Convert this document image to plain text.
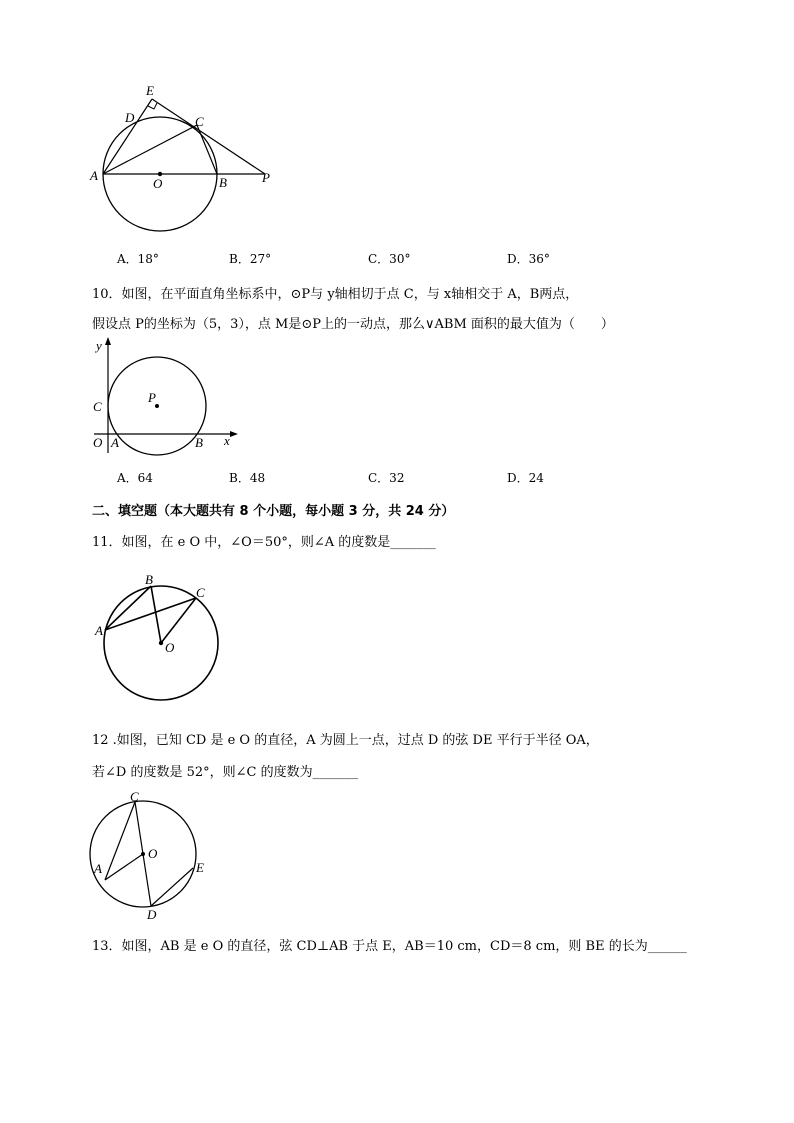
E
D	C
A
O	B	P
A．18°	B．27°	C．30°	D．36°
10．如图，在平面直角坐标系中，⊙P与 y轴相切于点 C，与 x轴相交于 A，B两点，
假设点 P的坐标为（5，3），点 M是⊙P上的一动点，那么∨ABM 面积的最大值为（　　）
y
C
P
O A	B x
A．64	B．48	C．32	D．24
二、填空题（本大题共有 8 个小题，每小题 3 分，共 24 分）
11．如图，在 e O 中，∠O＝50°，则∠A 的度数是_______
B
C
A
O
12 .如图，已知 CD 是 e O 的直径，A 为圆上一点，过点 D 的弦 DE 平行于半径 OA，
若∠D 的度数是 52°，则∠C 的度数为_______
C
O
E
A
D
13．如图，AB 是 e O 的直径，弦 CD⊥AB 于点 E，AB＝10 cm，CD＝8 cm，则 BE 的长为______
